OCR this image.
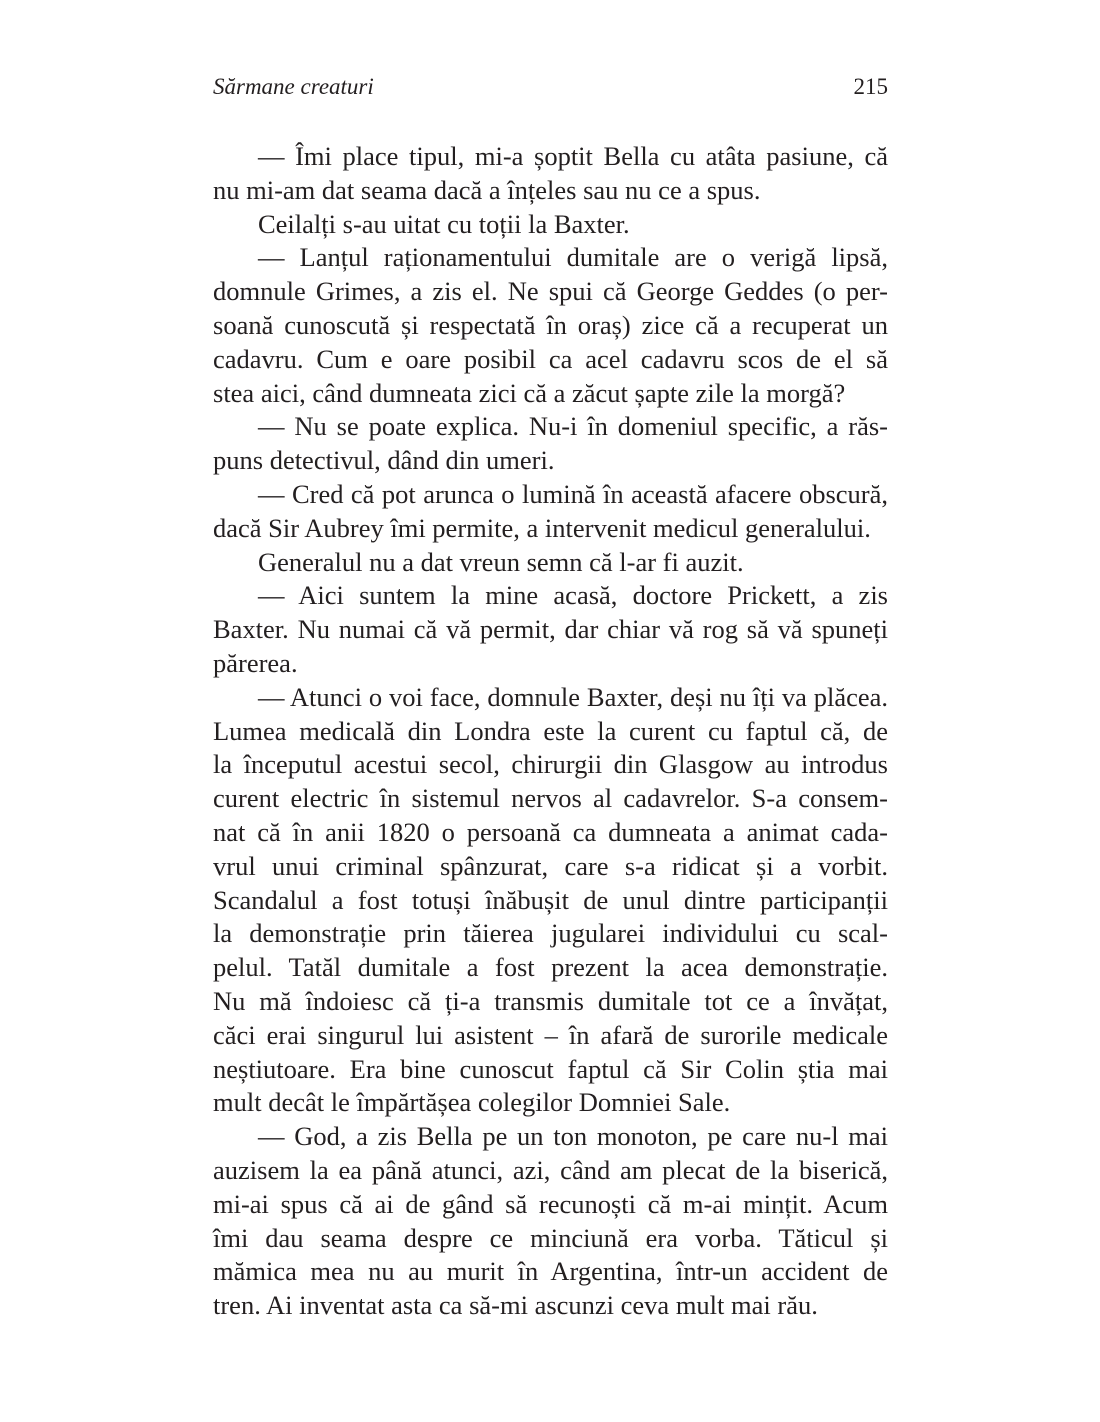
Sărmane creaturi	215
— Îmi place tipul, mi-a șoptit Bella cu atâta pasiune, că
nu mi-am dat seama dacă a înțeles sau nu ce a spus.
Ceilalți s-au uitat cu toții la Baxter.
— Lanțul raționamentului dumitale are o verigă lipsă,
domnule Grimes, a zis el. Ne spui că George Geddes (o per-
soană cunoscută și respectată în oraș) zice că a recuperat un
cadavru. Cum e oare posibil ca acel cadavru scos de el să
stea aici, când dumneata zici că a zăcut șapte zile la morgă?
— Nu se poate explica. Nu-i în domeniul specific, a răs-
puns detectivul, dând din umeri.
— Cred că pot arunca o lumină în această afacere obscură,
dacă Sir Aubrey îmi permite, a intervenit medicul generalului.
Generalul nu a dat vreun semn că l-ar fi auzit.
— Aici suntem la mine acasă, doctore Prickett, a zis
Baxter. Nu numai că vă permit, dar chiar vă rog să vă spuneți
părerea.
— Atunci o voi face, domnule Baxter, deși nu îți va plăcea.
Lumea medicală din Londra este la curent cu faptul că, de
la începutul acestui secol, chirurgii din Glasgow au introdus
curent electric în sistemul nervos al cadavrelor. S-a consem-
nat că în anii 1820 o persoană ca dumneata a animat cada-
vrul unui criminal spânzurat, care s-a ridicat și a vorbit.
Scandalul a fost totuși înăbușit de unul dintre participanții
la demonstrație prin tăierea jugularei individului cu scal-
pelul. Tatăl dumitale a fost prezent la acea demonstrație.
Nu mă îndoiesc că ți-a transmis dumitale tot ce a învățat,
căci erai singurul lui asistent – în afară de surorile medicale
neștiutoare. Era bine cunoscut faptul că Sir Colin știa mai
mult decât le împărtășea colegilor Domniei Sale.
— God, a zis Bella pe un ton monoton, pe care nu-l mai
auzisem la ea până atunci, azi, când am plecat de la biserică,
mi-ai spus că ai de gând să recunoști că m-ai mințit. Acum
îmi dau seama despre ce minciună era vorba. Tăticul și
mămica mea nu au murit în Argentina, într-un accident de
tren. Ai inventat asta ca să-mi ascunzi ceva mult mai rău.
